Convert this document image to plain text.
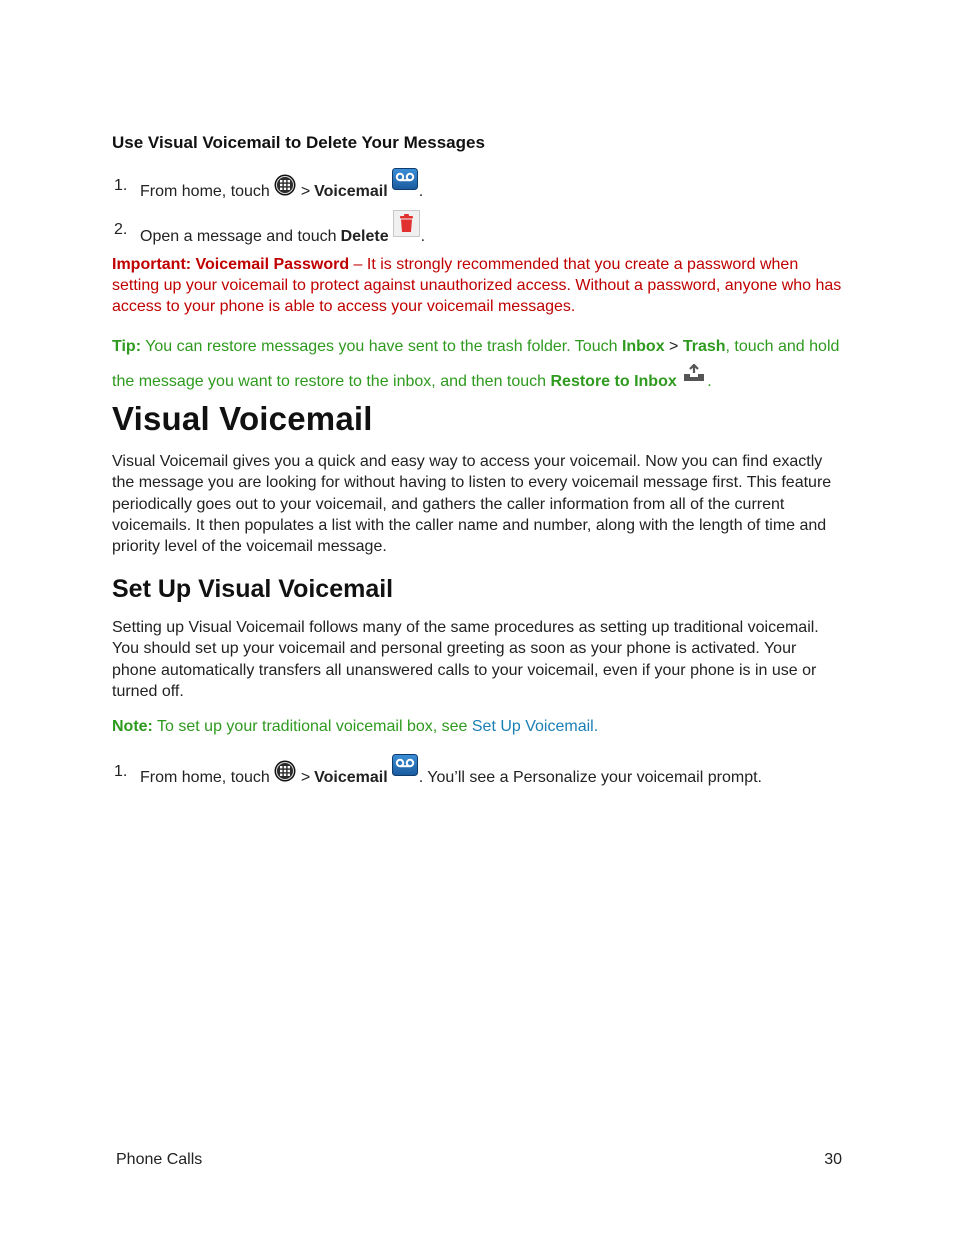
Use Visual Voicemail to Delete Your Messages
1. From home, touch > Voicemail .
2. Open a message and touch Delete .
Important: Voicemail Password – It is strongly recommended that you create a password when setting up your voicemail to protect against unauthorized access. Without a password, anyone who has access to your phone is able to access your voicemail messages.
Tip: You can restore messages you have sent to the trash folder. Touch Inbox > Trash, touch and hold the message you want to restore to the inbox, and then touch Restore to Inbox .
Visual Voicemail
Visual Voicemail gives you a quick and easy way to access your voicemail. Now you can find exactly the message you are looking for without having to listen to every voicemail message first. This feature periodically goes out to your voicemail, and gathers the caller information from all of the current voicemails. It then populates a list with the caller name and number, along with the length of time and priority level of the voicemail message.
Set Up Visual Voicemail
Setting up Visual Voicemail follows many of the same procedures as setting up traditional voicemail. You should set up your voicemail and personal greeting as soon as your phone is activated. Your phone automatically transfers all unanswered calls to your voicemail, even if your phone is in use or turned off.
Note: To set up your traditional voicemail box, see Set Up Voicemail.
1. From home, touch > Voicemail . You’ll see a Personalize your voicemail prompt.
Phone Calls	30
